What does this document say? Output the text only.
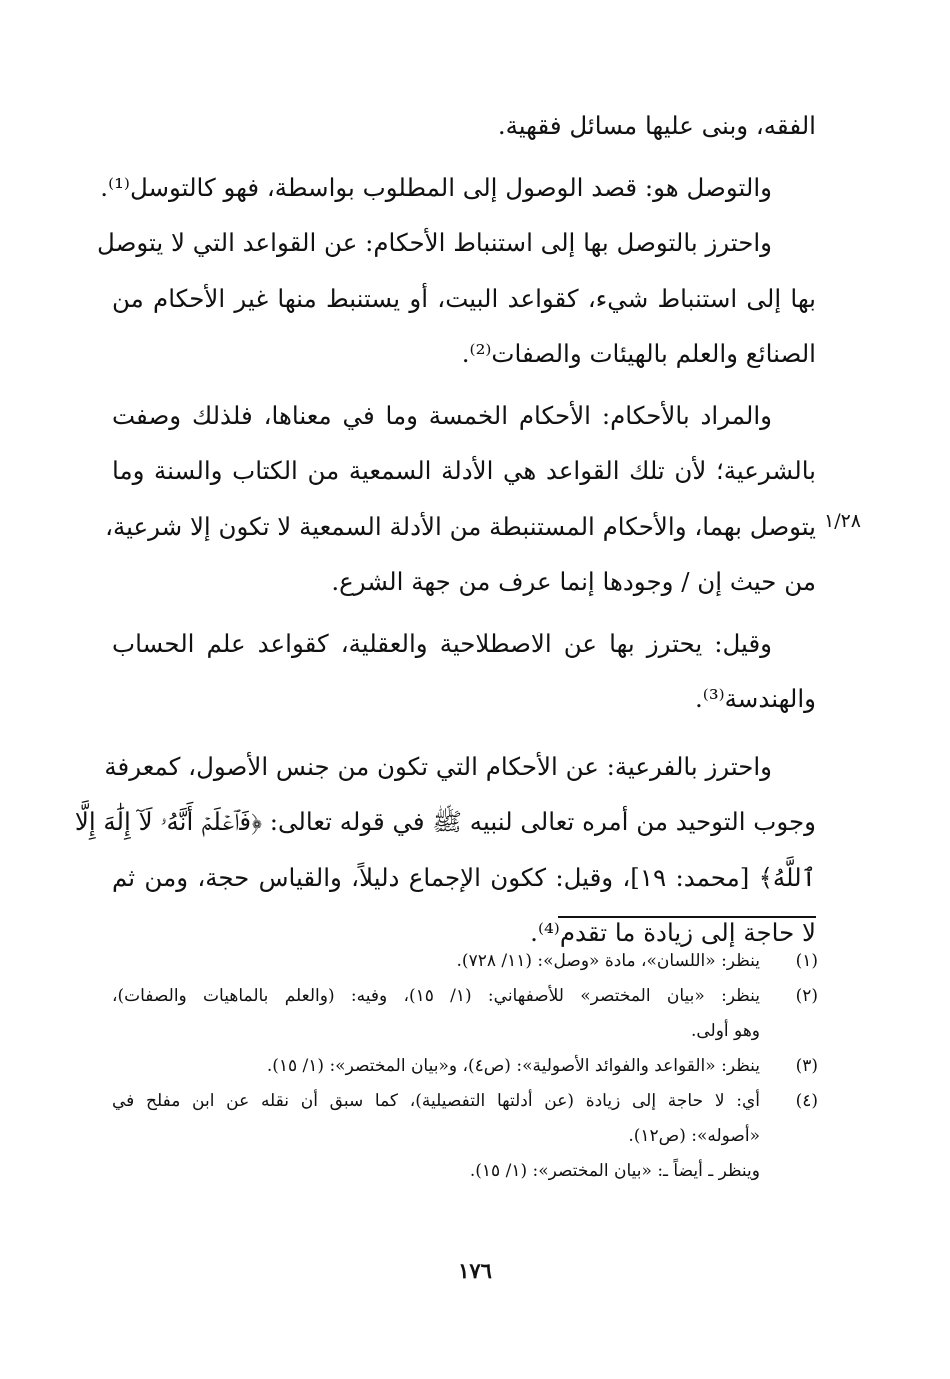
الفقه، وبنى عليها مسائل فقهية.

والتوصل هو: قصد الوصول إلى المطلوب بواسطة، فهو كالتوسل⁽¹⁾.

واحترز بالتوصل بها إلى استنباط الأحكام: عن القواعد التي لا يتوصل
بها إلى استنباط شيء، كقواعد البيت، أو يستنبط منها غير الأحكام من
الصنائع والعلم بالهيئات والصفات⁽²⁾.

والمراد بالأحكام: الأحكام الخمسة وما في معناها، فلذلك وصفت
بالشرعية؛ لأن تلك القواعد هي الأدلة السمعية من الكتاب والسنة وما
يتوصل بهما، والأحكام المستنبطة من الأدلة السمعية لا تكون إلا شرعية،
من حيث إن / وجودها إنما عرف من جهة الشرع.

وقيل: يحترز بها عن الاصطلاحية والعقلية، كقواعد علم الحساب
والهندسة⁽³⁾.

واحترز بالفرعية: عن الأحكام التي تكون من جنس الأصول، كمعرفة
وجوب التوحيد من أمره تعالى لنبيه ﷺ في قوله تعالى: ﴿فَٱعۡلَمۡ أَنَّهُۥ لَآ إِلَٰهَ إِلَّا
ٱللَّهُ﴾ [محمد: ١٩]، وقيل: ككون الإجماع دليلاً، والقياس حجة، ومن ثم
لا حاجة إلى زيادة ما تقدم⁽⁴⁾.

١/٢٨
(١)
ينظر: «اللسان»، مادة «وصل»: (١١/ ٧٢٨).
(٢)
ينظر: «بيان المختصر» للأصفهاني: (١/ ١٥)، وفيه: (والعلم بالماهيات والصفات)،
وهو أولى.
(٣)
ينظر: «القواعد والفوائد الأصولية»: (ص٤)، و«بيان المختصر»: (١/ ١٥).
(٤)
أي: لا حاجة إلى زيادة (عن أدلتها التفصيلية)، كما سبق أن نقله عن ابن مفلح في
«أصوله»: (ص١٢).
وينظر ـ أيضاً ـ: «بيان المختصر»: (١/ ١٥).
١٧٦
